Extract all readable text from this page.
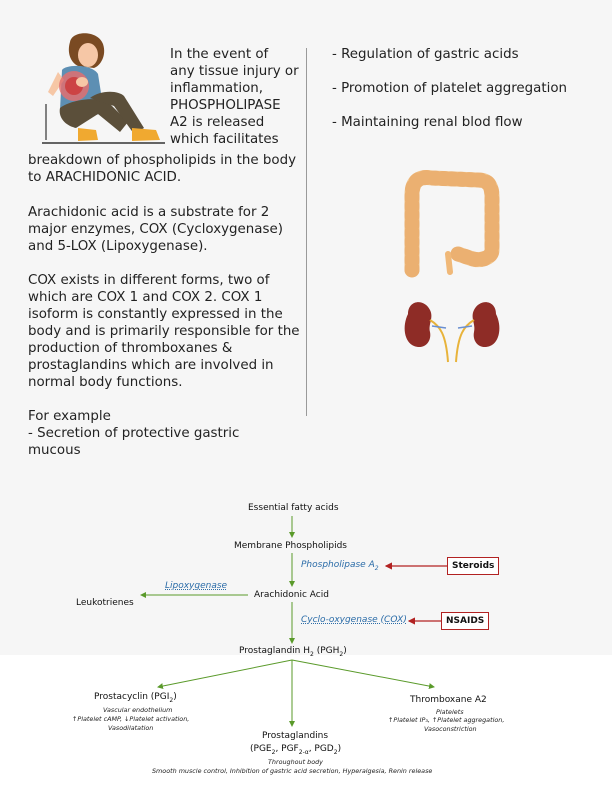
In the event of
any tissue injury or
inflammation,
PHOSPHOLIPASE
A2 is released
which facilitates
breakdown of phospholipids in the body to ARACHIDONIC ACID.

Arachidonic acid is a substrate for 2 major enzymes, COX (Cycloxygenase) and 5-LOX (Lipoxygenase).

COX exists in different forms, two of which are COX 1 and COX 2. COX 1 isoform is constantly expressed in the body and is primarily responsible for the production of thromboxanes & prostaglandins which are involved in normal body functions.

For example

- Secretion of protective gastric mucous

- Regulation of gastric acids
- Promotion of platelet aggregation
- Maintaining renal blod flow
Essential fatty acids
Membrane Phospholipids
Phospholipase $A_2$	Steroids
Lipoxygenase
Leukotrienes
Arachidonic Acid
Cyclo-oxygenase (COX)	NSAIDS
Prostaglandin $H_2$ $(PGH_2)$
Prostacyclin $(PGI_2)$
Vascular endothelium
↑Platelet cAMP, ↓Platelet activation,
Vasodilatation
Thromboxane A2
Platelets
↑Platelet IP₃, ↑Platelet aggregation,
Vasoconstriction
Prostaglandins
($PGE_2$, $PGF_{2-\alpha}$, $PGD_2$)
Throughout body
Smooth muscle control, Inhibition of gastric acid secretion, Hyperalgesia, Renin release
